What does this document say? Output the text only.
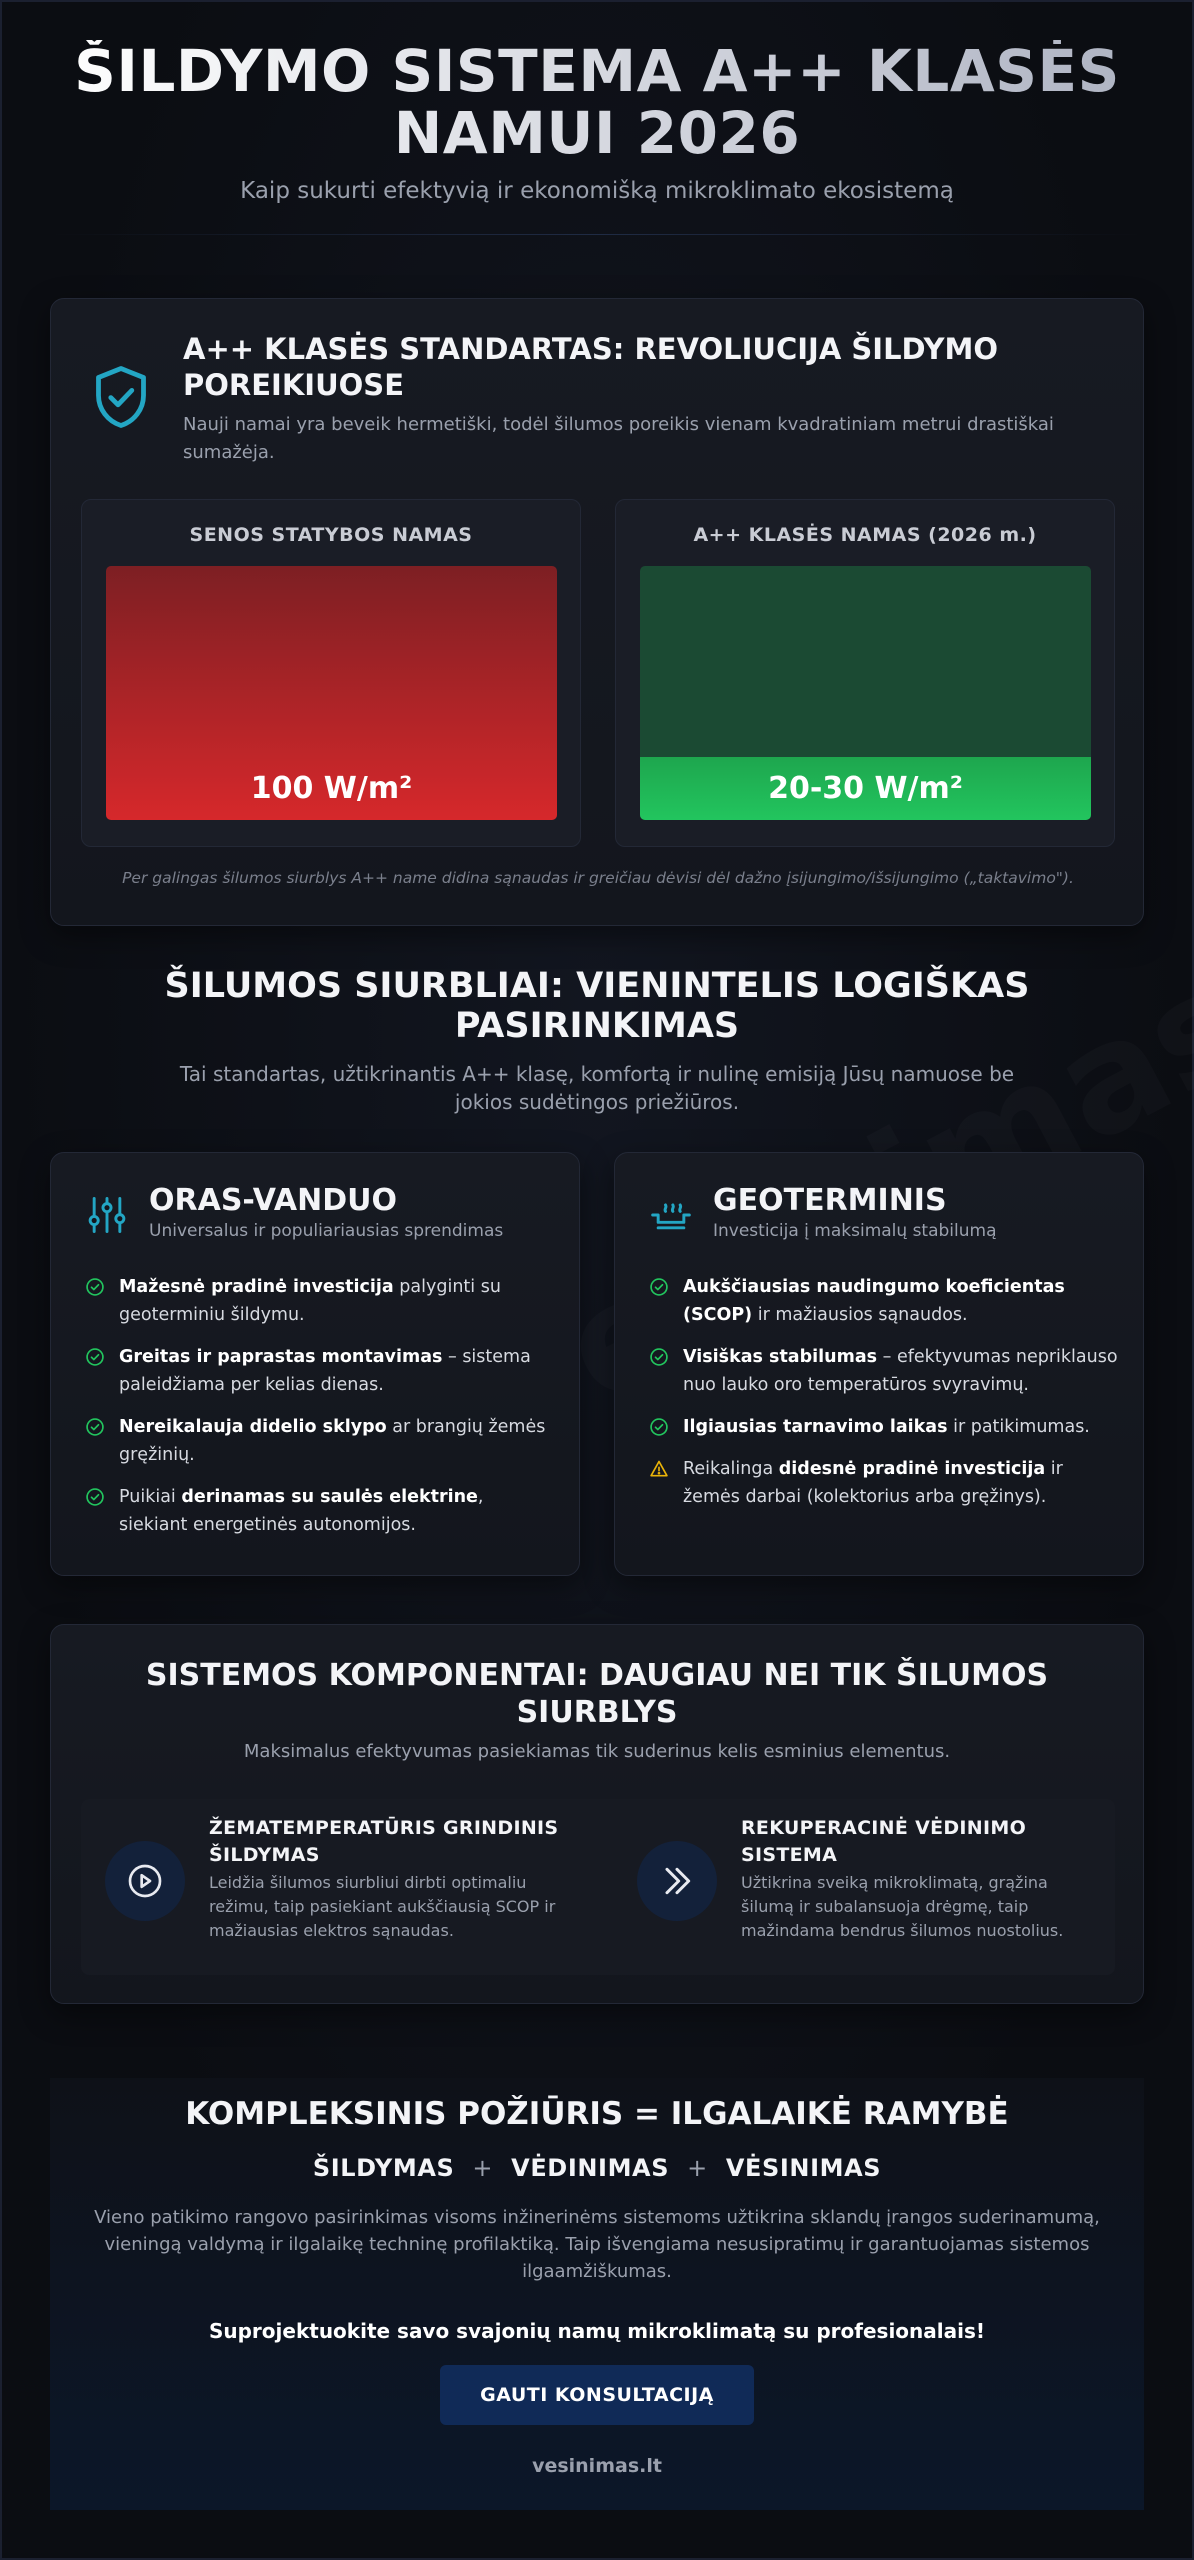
ŠILDYMO SISTEMA A++ KLASĖS NAMUI 2026

Kaip sukurti efektyvią ir ekonomišką mikroklimato ekosistemą

A++ KLASĖS STANDARTAS: REVOLIUCIJA ŠILDYMO POREIKIUOSE

Nauji namai yra beveik hermetiški, todėl šilumos poreikis vienam kvadratiniam metrui drastiškai sumažėja.

SENOS STATYBOS NAMAS
100 W/m²
A++ KLASĖS NAMAS (2026 m.)
20-30 W/m²

Per galingas šilumos siurblys A++ name didina sąnaudas ir greičiau dėvisi dėl dažno įsijungimo/išsijungimo („taktavimo").

ŠILUMOS SIURBLIAI: VIENINTELIS LOGIŠKAS PASIRINKIMAS

Tai standartas, užtikrinantis A++ klasę, komfortą ir nulinę emisiją Jūsų namuose be jokios sudėtingos priežiūros.

ORAS-VANDUO
Universalus ir populiariausias sprendimas
Mažesnė pradinė investicija palyginti su geoterminiu šildymu.
Greitas ir paprastas montavimas – sistema paleidžiama per kelias dienas.
Nereikalauja didelio sklypo ar brangių žemės gręžinių.
Puikiai derinamas su saulės elektrine, siekiant energetinės autonomijos.
GEOTERMINIS
Investicija į maksimalų stabilumą
Aukščiausias naudingumo koeficientas (SCOP) ir mažiausios sąnaudos.
Visiškas stabilumas – efektyvumas nepriklauso nuo lauko oro temperatūros svyravimų.
Ilgiausias tarnavimo laikas ir patikimumas.
Reikalinga didesnė pradinė investicija ir žemės darbai (kolektorius arba gręžinys).
SISTEMOS KOMPONENTAI: DAUGIAU NEI TIK ŠILUMOS SIURBLYS

Maksimalus efektyvumas pasiekiamas tik suderinus kelis esminius elementus.

ŽEMATEMPERATŪRIS GRINDINIS ŠILDYMAS

Leidžia šilumos siurbliui dirbti optimaliu režimu, taip pasiekiant aukščiausią SCOP ir mažiausias elektros sąnaudas.

REKUPERACINĖ VĖDINIMO SISTEMA

Užtikrina sveiką mikroklimatą, grąžina šilumą ir subalansuoja drėgmę, taip mažindama bendrus šilumos nuostolius.

KOMPLEKSINIS POŽIŪRIS = ILGALAIKĖ RAMYBĖ
ŠILDYMAS + VĖDINIMAS + VĖSINIMAS

Vieno patikimo rangovo pasirinkimas visoms inžinerinėms sistemoms užtikrina sklandų įrangos suderinamumą, vieningą valdymą ir ilgalaikę techninę profilaktiką. Taip išvengiama nesusipratimų ir garantuojamas sistemos ilgaamžiškumas.

Suprojektuokite savo svajonių namų mikroklimatą su profesionalais!

GAUTI KONSULTACIJĄ

vesinimas.lt
